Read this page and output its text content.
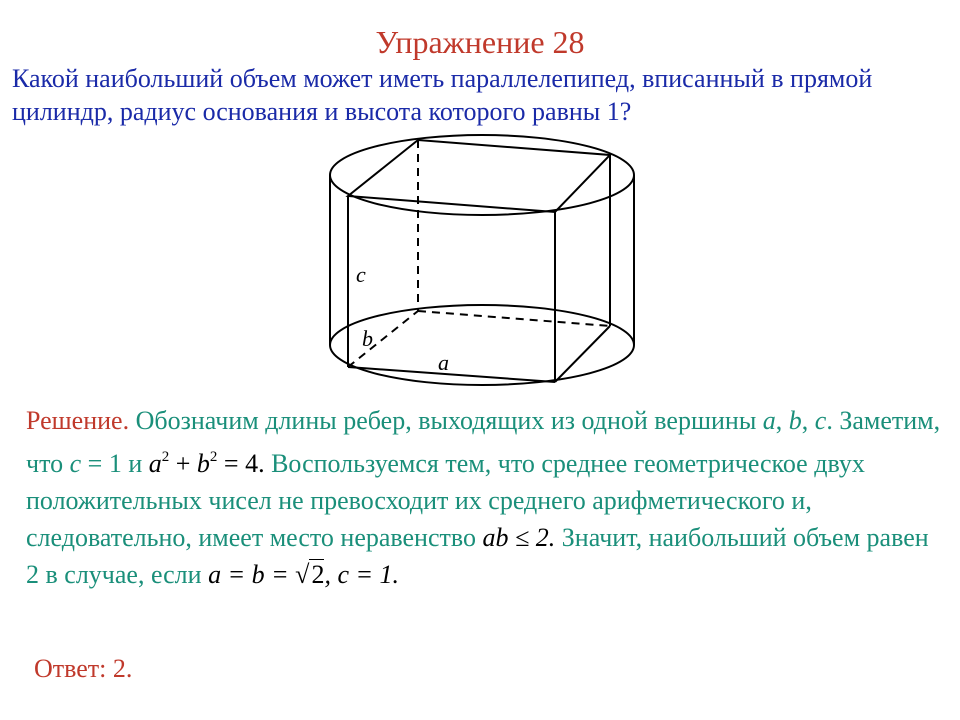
Упражнение 28
Какой наибольший объем может иметь параллелепипед, вписанный в прямой цилиндр, радиус основания и высота которого равны 1?
c
b
a
Решение. Обозначим длины ребер, выходящих из одной вершины a, b, c. Заметим, что c = 1 и $a^2 + b^2 = 4$. Воспользуемся тем, что среднее геометрическое двух положительных чисел не превосходит их среднего арифметического и, следовательно, имеет место неравенство ab ≤ 2. Значит, наибольший объем равен 2 в случае, если a = b = √2, c = 1.
Ответ: 2.
